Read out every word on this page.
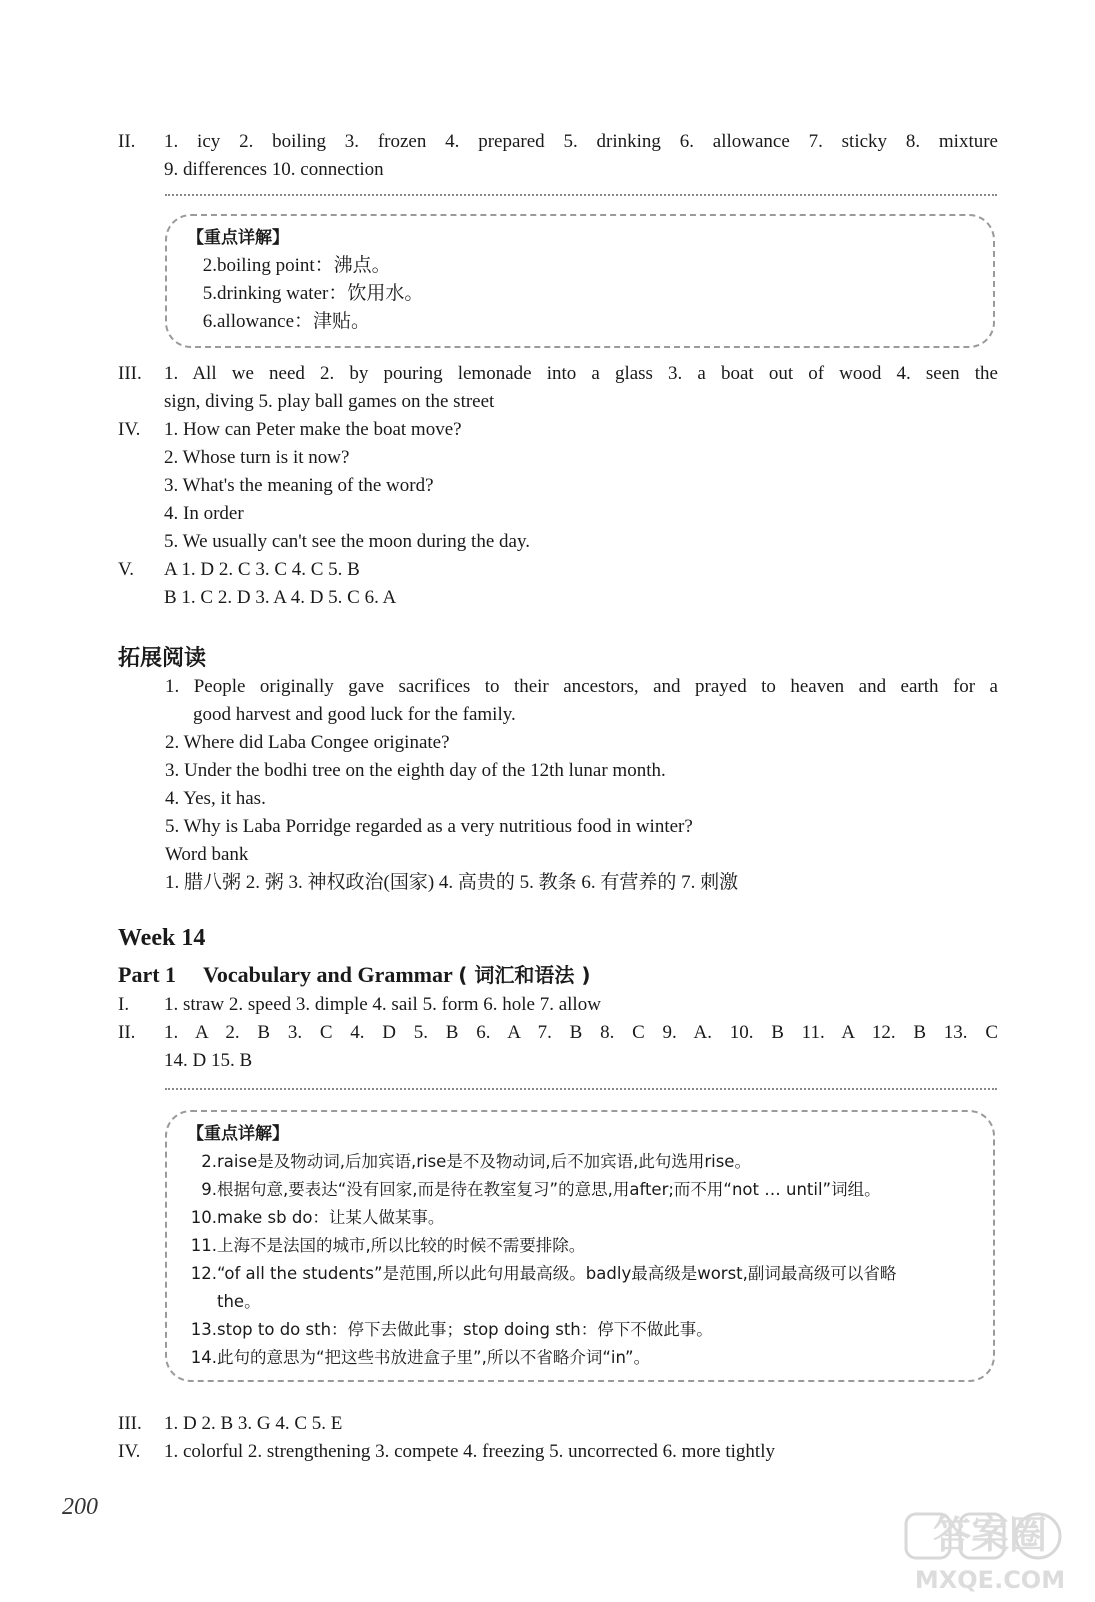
II. 1. icy 2. boiling 3. frozen 4. prepared 5. drinking 6. allowance 7. sticky 8. mixture
9. differences 10. connection
【重点详解】
2. boiling point：沸点。
5. drinking water：饮用水。
6. allowance：津贴。
III. 1. All we need 2. by pouring lemonade into a glass 3. a boat out of wood 4. seen the
sign, diving 5. play ball games on the street
IV. 1. How can Peter make the boat move?
2. Whose turn is it now?
3. What's the meaning of the word?
4. In order
5. We usually can't see the moon during the day.
V. A 1. D 2. C 3. C 4. C 5. B
B 1. C 2. D 3. A 4. D 5. C 6. A
拓展阅读
1. People originally gave sacrifices to their ancestors, and prayed to heaven and earth for a
good harvest and good luck for the family.
2. Where did Laba Congee originate?
3. Under the bodhi tree on the eighth day of the 12th lunar month.
4. Yes, it has.
5. Why is Laba Porridge regarded as a very nutritious food in winter?
Word bank
1. 腊八粥 2. 粥 3. 神权政治(国家) 4. 高贵的 5. 教条 6. 有营养的 7. 刺激
Week 14
Part 1 Vocabulary and Grammar ( 词汇和语法 )
I. 1. straw 2. speed 3. dimple 4. sail 5. form 6. hole 7. allow
II. 1. A 2. B 3. C 4. D 5. B 6. A 7. B 8. C 9. A. 10. B 11. A 12. B 13. C
14. D 15. B
【重点详解】
2. raise是及物动词,后加宾语,rise是不及物动词,后不加宾语,此句选用rise。
9. 根据句意,要表达“没有回家,而是待在教室复习”的意思,用after;而不用“not … until”词组。
10. make sb do：让某人做某事。
11. 上海不是法国的城市,所以比较的时候不需要排除。
12. “of all the students”是范围,所以此句用最高级。badly最高级是worst,副词最高级可以省略
the。
13. stop to do sth：停下去做此事；stop doing sth：停下不做此事。
14. 此句的意思为“把这些书放进盒子里”,所以不省略介词“in”。
III. 1. D 2. B 3. G 4. C 5. E
IV. 1. colorful 2. strengthening 3. compete 4. freezing 5. uncorrected 6. more tightly
200
答案圈
MXQE.COM
